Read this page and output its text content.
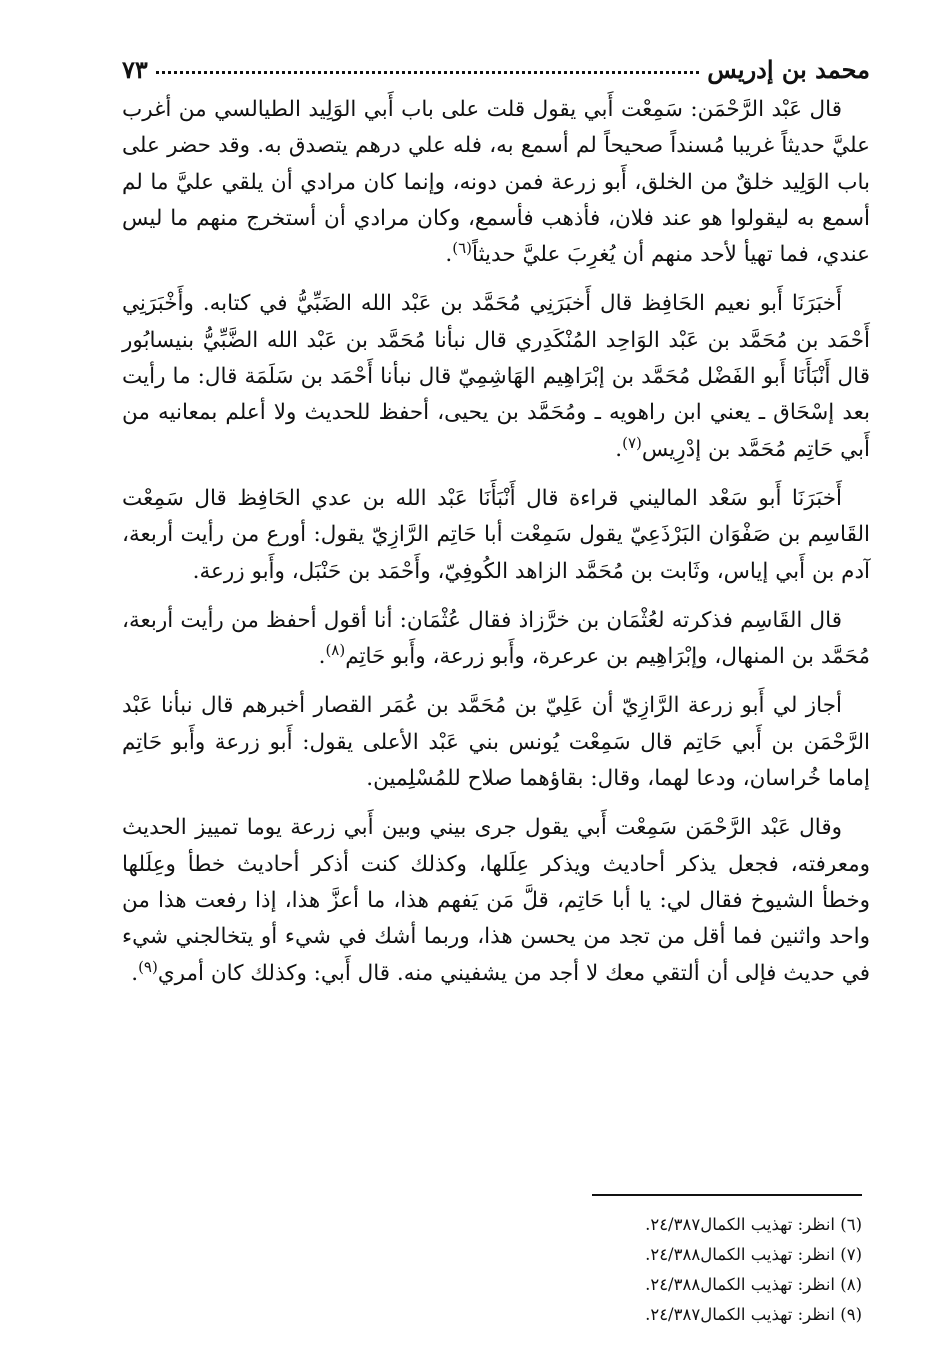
محمد بن إدريس
٧٣

قال عَبْد الرَّحْمَن: سَمِعْت أَبي يقول قلت على باب أَبي الوَلِيد الطيالسي من أغرب عليَّ حديثاً غريبا مُسنداً صحيحاً لم أسمع به، فله علي درهم يتصدق به. وقد حضر على باب الوَلِيد خلقٌ من الخلق، أَبو زرعة فمن دونه، وإنما كان مرادي أن يلقي عليَّ ما لم أسمع به ليقولوا هو عند فلان، فأذهب فأسمع، وكان مرادي أن أستخرج منهم ما ليس عندي، فما تهيأ لأحد منهم أن يُغرِبَ عليَّ حديثاً$^{(٦)}$.

أَخبَرَنَا أَبو نعيم الحَافِظ قال أَخبَرَنِي مُحَمَّد بن عَبْد الله الضَبِّيُّ في كتابه. وأَخْبَرَنِي أَحْمَد بن مُحَمَّد بن عَبْد الوَاحِد المُنْكَدِري قال نبأنا مُحَمَّد بن عَبْد الله الضَّبِّيُّ بنيسابُور قال أَنْبَأَنَا أَبو الفَضْل مُحَمَّد بن إبْرَاهِيم الهَاشِمِيّ قال نبأنا أَحْمَد بن سَلَمَة قال: ما رأيت بعد إسْحَاق ـ يعني ابن راهويه ـ ومُحَمَّد بن يحيى، أحفظ للحديث ولا أعلم بمعانيه من أَبي حَاتِم مُحَمَّد بن إدْرِيس$^{(٧)}$.

أَخبَرَنَا أَبو سَعْد الماليني قراءة قال أَنْبَأَنَا عَبْد الله بن عدي الحَافِظ قال سَمِعْت القَاسِم بن صَفْوَان البَرْذَعِيّ يقول سَمِعْت أبا حَاتِم الرَّازِيّ يقول: أورع من رأيت أربعة، آدم بن أَبي إياس، وثَابت بن مُحَمَّد الزاهد الكُوفِيّ، وأَحْمَد بن حَنْبَل، وأَبو زرعة.

قال القَاسِم فذكرته لعُثْمَان بن خرَّزاذ فقال عُثْمَان: أنا أقول أحفظ من رأيت أربعة، مُحَمَّد بن المنهال، وإبْرَاهِيم بن عرعرة، وأَبو زرعة، وأَبو حَاتِم$^{(٨)}$.

أجاز لي أَبو زرعة الرَّازِيّ أن عَلِيّ بن مُحَمَّد بن عُمَر القصار أخبرهم قال نبأنا عَبْد الرَّحْمَن بن أَبي حَاتِم قال سَمِعْت يُونس بني عَبْد الأعلى يقول: أَبو زرعة وأَبو حَاتِم إماما خُراسان، ودعا لهما، وقال: بقاؤهما صلاح للمُسْلِمين.

وقال عَبْد الرَّحْمَن سَمِعْت أَبي يقول جرى بيني وبين أَبي زرعة يوما تمييز الحديث ومعرفته، فجعل يذكر أحاديث ويذكر عِلَلها، وكذلك كنت أذكر أحاديث خطأ وعِلَلها وخطأ الشيوخ فقال لي: يا أبا حَاتِم، قلَّ مَن يَفهم هذا، ما أعزَّ هذا، إذا رفعت هذا من واحد واثنين فما أقل من تجد من يحسن هذا، وربما أشك في شيء أو يتخالجني شيء في حديث فإلى أن ألتقي معك لا أجد من يشفيني منه. قال أَبي: وكذلك كان أمري$^{(٩)}$.

(٦) انظر: تهذيب الكمال٢٤/٣٨٧.
(٧) انظر: تهذيب الكمال٢٤/٣٨٨.
(٨) انظر: تهذيب الكمال٢٤/٣٨٨.
(٩) انظر: تهذيب الكمال٢٤/٣٨٧.
